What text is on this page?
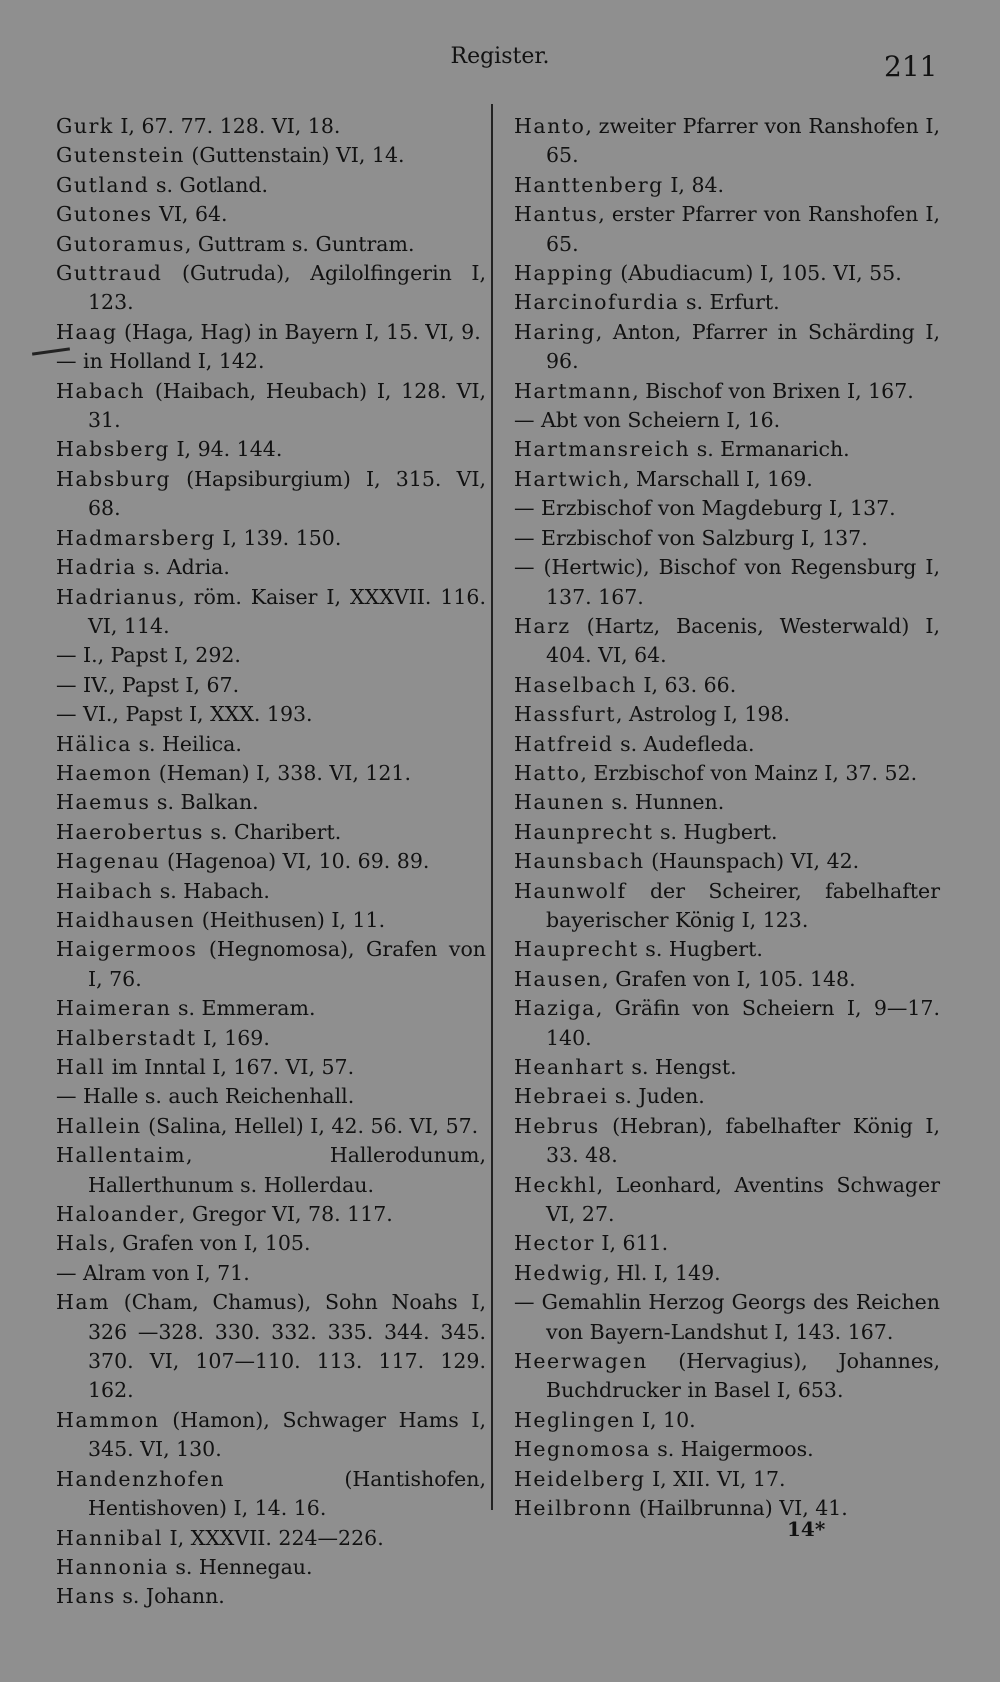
Register.	211
Gurk I, 67. 77. 128. VI, 18.
Gutenstein (Guttenstain) VI, 14.
Gutland s. Gotland.
Gutones VI, 64.
Gutoramus, Guttram s. Guntram.
Guttraud (Gutruda), Agilolfingerin I, 123.
Haag (Haga, Hag) in Bayern I, 15. VI, 9.
— in Holland I, 142.
Habach (Haibach, Heubach) I, 128. VI, 31.
Habsberg I, 94. 144.
Habsburg (Hapsiburgium) I, 315. VI, 68.
Hadmarsberg I, 139. 150.
Hadria s. Adria.
Hadrianus, röm. Kaiser I, XXXVII. 116. VI, 114.
— I., Papst I, 292.
— IV., Papst I, 67.
— VI., Papst I, XXX. 193.
Hälica s. Heilica.
Haemon (Heman) I, 338. VI, 121.
Haemus s. Balkan.
Haerobertus s. Charibert.
Hagenau (Hagenoa) VI, 10. 69. 89.
Haibach s. Habach.
Haidhausen (Heithusen) I, 11.
Haigermoos (Hegnomosa), Grafen von I, 76.
Haimeran s. Emmeram.
Halberstadt I, 169.
Hall im Inntal I, 167. VI, 57.
— Halle s. auch Reichenhall.
Hallein (Salina, Hellel) I, 42. 56. VI, 57.
Hallentaim, Hallerodunum, Hallerthunum s. Hollerdau.
Haloander, Gregor VI, 78. 117.
Hals, Grafen von I, 105.
— Alram von I, 71.
Ham (Cham, Chamus), Sohn Noahs I, 326 —328. 330. 332. 335. 344. 345. 370. VI, 107—110. 113. 117. 129. 162.
Hammon (Hamon), Schwager Hams I, 345. VI, 130.
Handenzhofen (Hantishofen, Hentishoven) I, 14. 16.
Hannibal I, XXXVII. 224—226.
Hannonia s. Hennegau.
Hans s. Johann.
Hanto, zweiter Pfarrer von Ranshofen I, 65.
Hanttenberg I, 84.
Hantus, erster Pfarrer von Ranshofen I, 65.
Happing (Abudiacum) I, 105. VI, 55.
Harcinofurdia s. Erfurt.
Haring, Anton, Pfarrer in Schärding I, 96.
Hartmann, Bischof von Brixen I, 167.
— Abt von Scheiern I, 16.
Hartmansreich s. Ermanarich.
Hartwich, Marschall I, 169.
— Erzbischof von Magdeburg I, 137.
— Erzbischof von Salzburg I, 137.
— (Hertwic), Bischof von Regensburg I, 137. 167.
Harz (Hartz, Bacenis, Westerwald) I, 404. VI, 64.
Haselbach I, 63. 66.
Hassfurt, Astrolog I, 198.
Hatfreid s. Audefleda.
Hatto, Erzbischof von Mainz I, 37. 52.
Haunen s. Hunnen.
Haunprecht s. Hugbert.
Haunsbach (Haunspach) VI, 42.
Haunwolf der Scheirer, fabelhafter bayerischer König I, 123.
Hauprecht s. Hugbert.
Hausen, Grafen von I, 105. 148.
Haziga, Gräfin von Scheiern I, 9—17. 140.
Heanhart s. Hengst.
Hebraei s. Juden.
Hebrus (Hebran), fabelhafter König I, 33. 48.
Heckhl, Leonhard, Aventins Schwager VI, 27.
Hector I, 611.
Hedwig, Hl. I, 149.
— Gemahlin Herzog Georgs des Reichen von Bayern-Landshut I, 143. 167.
Heerwagen (Hervagius), Johannes, Buchdrucker in Basel I, 653.
Heglingen I, 10.
Hegnomosa s. Haigermoos.
Heidelberg I, XII. VI, 17.
Heilbronn (Hailbrunna) VI, 41.
14*
